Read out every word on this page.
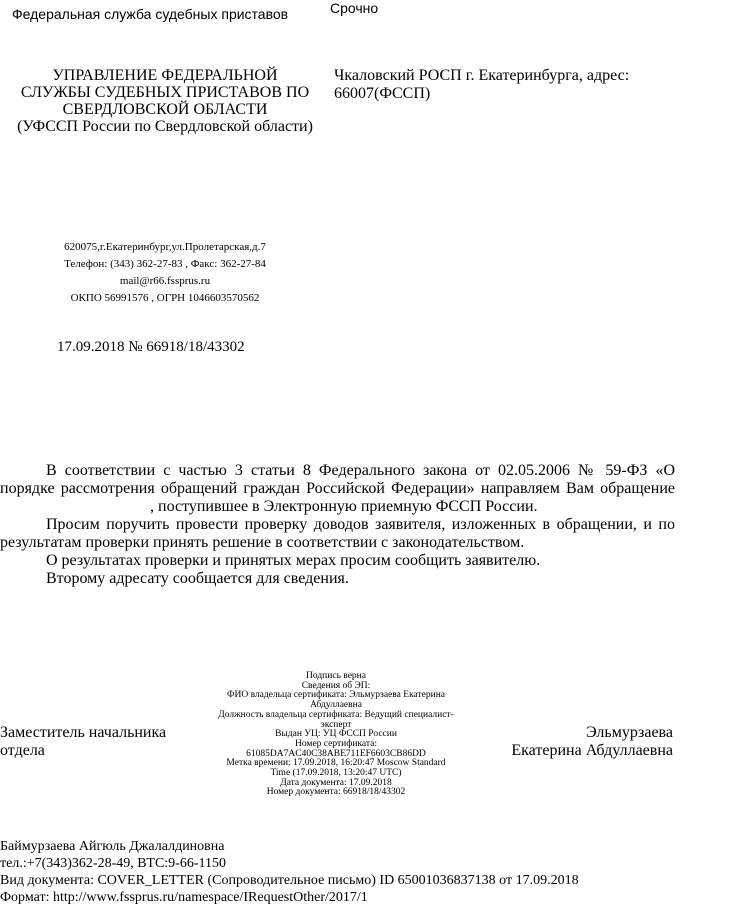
Федеральная служба судебных приставов	Срочно
УПРАВЛЕНИЕ ФЕДЕРАЛЬНОЙ
СЛУЖБЫ СУДЕБНЫХ ПРИСТАВОВ ПО
СВЕРДЛОВСКОЙ ОБЛАСТИ
(УФССП России по Свердловской области)
Чкаловский РОСП г. Екатеринбурга, адрес:
66007(ФССП)
620075,г.Екатеринбург,ул.Пролетарская,д.7
Телефон: (343) 362-27-83 , Факс: 362-27-84
mail@r66.fssprus.ru
ОКПО 56991576 , ОГРН 1046603570562
17.09.2018 № 66918/18/43302

В соответствии с частью 3 статьи 8 Федерального закона от 02.05.2006 № 59-ФЗ «О порядке рассмотрения обращений граждан Российской Федерации» направляем Вам обращение, поступившее в Электронную приемную ФССП России.

Просим поручить провести проверку доводов заявителя, изложенных в обращении, и по результатам проверки принять решение в соответствии с законодательством.

О результатах проверки и принятых мерах просим сообщить заявителю.

Второму адресату сообщается для сведения.

Подпись верна
Сведения об ЭП:
ФИО владельца сертификата: Эльмурзаева Екатерина
Абдуллаевна
Должность владельца сертификата: Ведущий специалист-
эксперт
Выдан УЦ: УЦ ФССП России
Номер сертификата:
61085DA7AC40C38ABE711EF6603CB86DD
Метка времени: 17.09.2018, 16:20:47 Moscow Standard
Time (17.09.2018, 13:20:47 UTC)
Дата документа: 17.09.2018
Номер документа: 66918/18/43302
Заместитель начальника
отдела
Эльмурзаева
Екатерина Абдуллаевна
Баймурзаева Айгюль Джалалдиновна
тел.:+7(343)362-28-49, ВТС:9-66-1150
Вид документа: COVER_LETTER (Сопроводительное письмо) ID 65001036837138 от 17.09.2018
Формат: http://www.fssprus.ru/namespace/IRequestOther/2017/1
